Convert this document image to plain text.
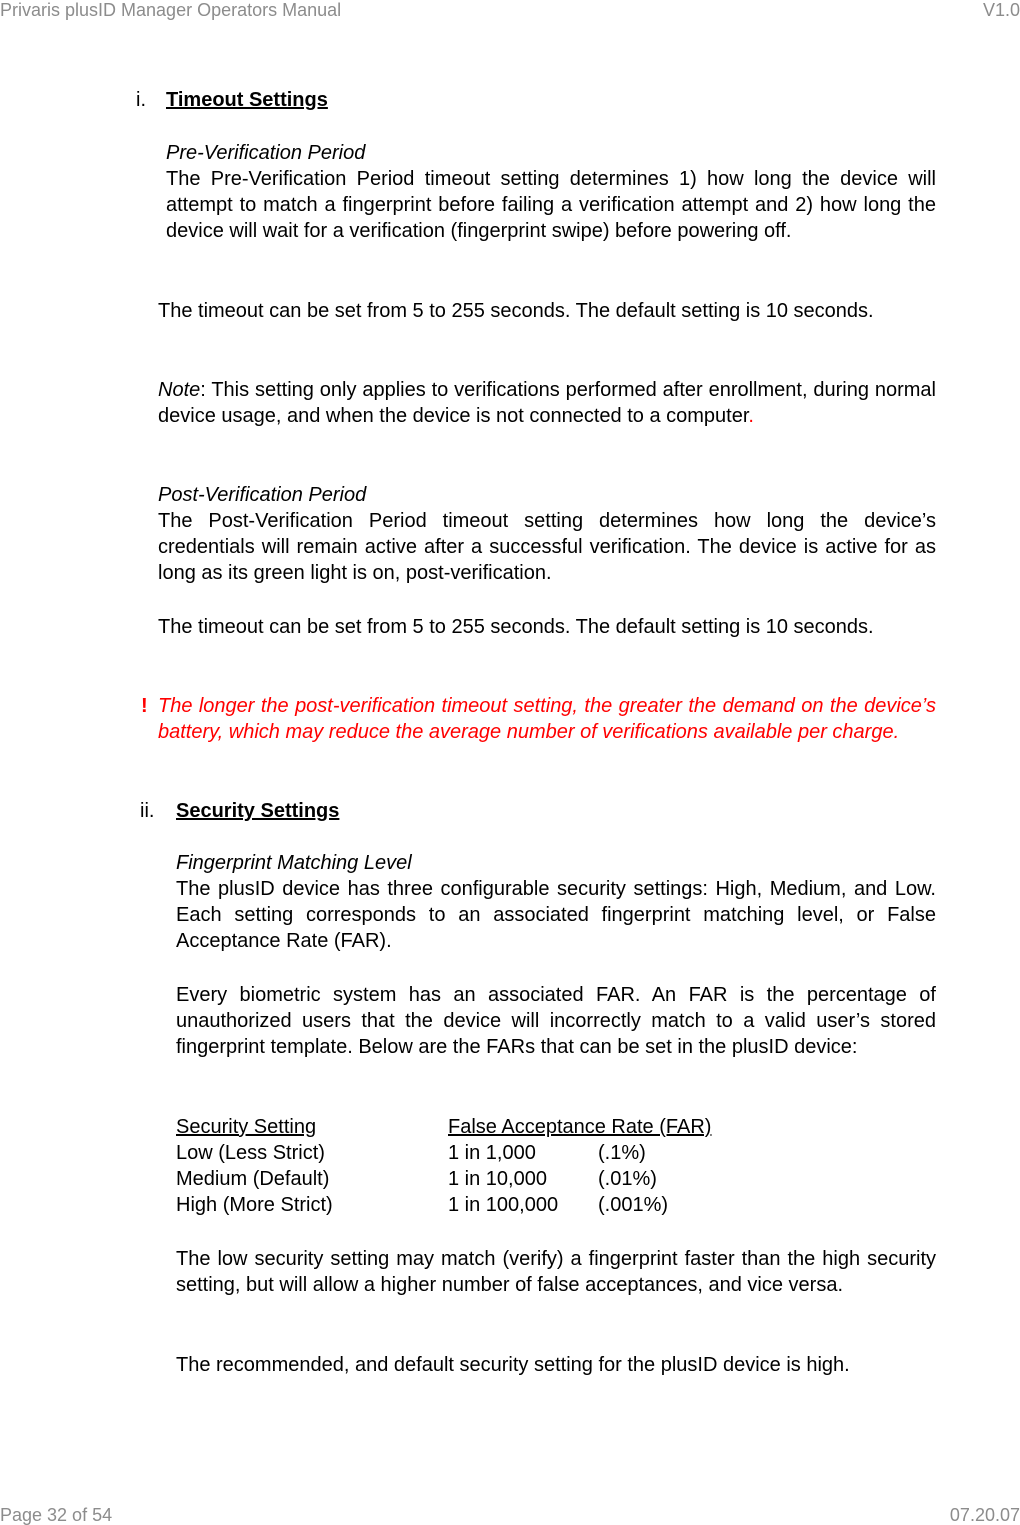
Privaris plusID Manager Operators Manual	V1.0
i. Timeout Settings
Pre-Verification Period
The Pre-Verification Period timeout setting determines 1) how long the device will attempt to match a fingerprint before failing a verification attempt and 2) how long the device will wait for a verification (fingerprint swipe) before powering off.
The timeout can be set from 5 to 255 seconds. The default setting is 10 seconds.
Note: This setting only applies to verifications performed after enrollment, during normal device usage, and when the device is not connected to a computer.
Post-Verification Period
The Post-Verification Period timeout setting determines how long the device’s credentials will remain active after a successful verification. The device is active for as long as its green light is on, post-verification.
The timeout can be set from 5 to 255 seconds. The default setting is 10 seconds.
! The longer the post-verification timeout setting, the greater the demand on the device’s battery, which may reduce the average number of verifications available per charge.
ii. Security Settings
Fingerprint Matching Level
The plusID device has three configurable security settings: High, Medium, and Low. Each setting corresponds to an associated fingerprint matching level, or False Acceptance Rate (FAR).
Every biometric system has an associated FAR. An FAR is the percentage of unauthorized users that the device will incorrectly match to a valid user’s stored fingerprint template. Below are the FARs that can be set in the plusID device:
Security Setting	False Acceptance Rate (FAR)
Low (Less Strict)	1 in 1,000	(.1%)
Medium (Default)	1 in 10,000	(.01%)
High (More Strict)	1 in 100,000 (.001%)
The low security setting may match (verify) a fingerprint faster than the high security setting, but will allow a higher number of false acceptances, and vice versa.
The recommended, and default security setting for the plusID device is high.
Page 32 of 54	07.20.07
